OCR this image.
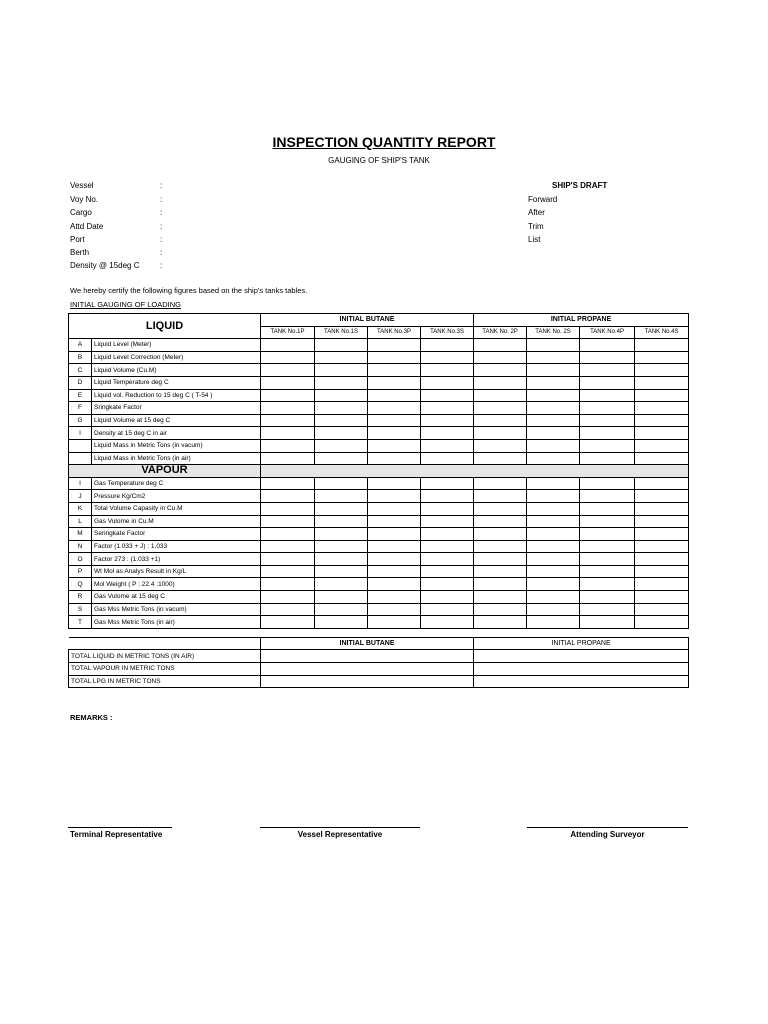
INSPECTION QUANTITY REPORT
GAUGING OF SHIP'S TANK
Vessel
Voy No.
Cargo
Attd Date
Port
Berth
Density @ 15deg C
:
:
:
:
:
:
:
SHIP'S DRAFT
Forward
After
Trim
List
We hereby certify the following figures based on the ship's tanks tables.
INITIAL GAUGING OF LOADING
LIQUID		INITIAL BUTANE				INITIAL PROPANE			
		TANK No.1P	TANK No.1S	TANK No.3P	TANK No.3S	TANK No. 2P	TANK No. 2S	TANK No.4P	TANK No.4S
A	Liquid Level (Meter)								
B	Liquid Level Correction (Meter)								
C	Liquid Volume (Cu.M)								
D	Liquid Temperature deg C								
E	Liquid vol. Reduction to 15 deg C ( T-54 )								
F	Sringkate Factor								
G	Liquid Volume at 15 deg C								
I	Density at 15 deg C in air								
	Liquid Mass in Metric Tons (in vacum)								
	Liquid Mass in Metric Tons (in air)								
VAPOUR									
I	Gas Temperature deg C								
J	Pressure Kg/Cm2								
K	Total Volume Capasity in Cu.M								
L	Gas Vulome in Cu.M								
M	Seringkate Factor								
N	Factor (1.033 + J) : 1.033								
O	Factor 273 : (1.033 +1)								
P	Wt Mol as Analys Result in Kg/L								
Q	Mol Weight ( P : 22.4 :1000)								
R	Gas Vulome at 15 deg C								
S	Gas Mss Metric Tons (in vacum)								
T	Gas Mss Metric Tons (in air)								

		INITIAL BUTANE				INITIAL PROPANE			
TOTAL LIQUID IN METRIC TONS (IN AIR)									
TOTAL VAPOUR IN METRIC TONS									
TOTAL LPG IN METRIC TONS									
REMARKS :
Terminal Representative	Vessel Representative	Attending Surveyor
